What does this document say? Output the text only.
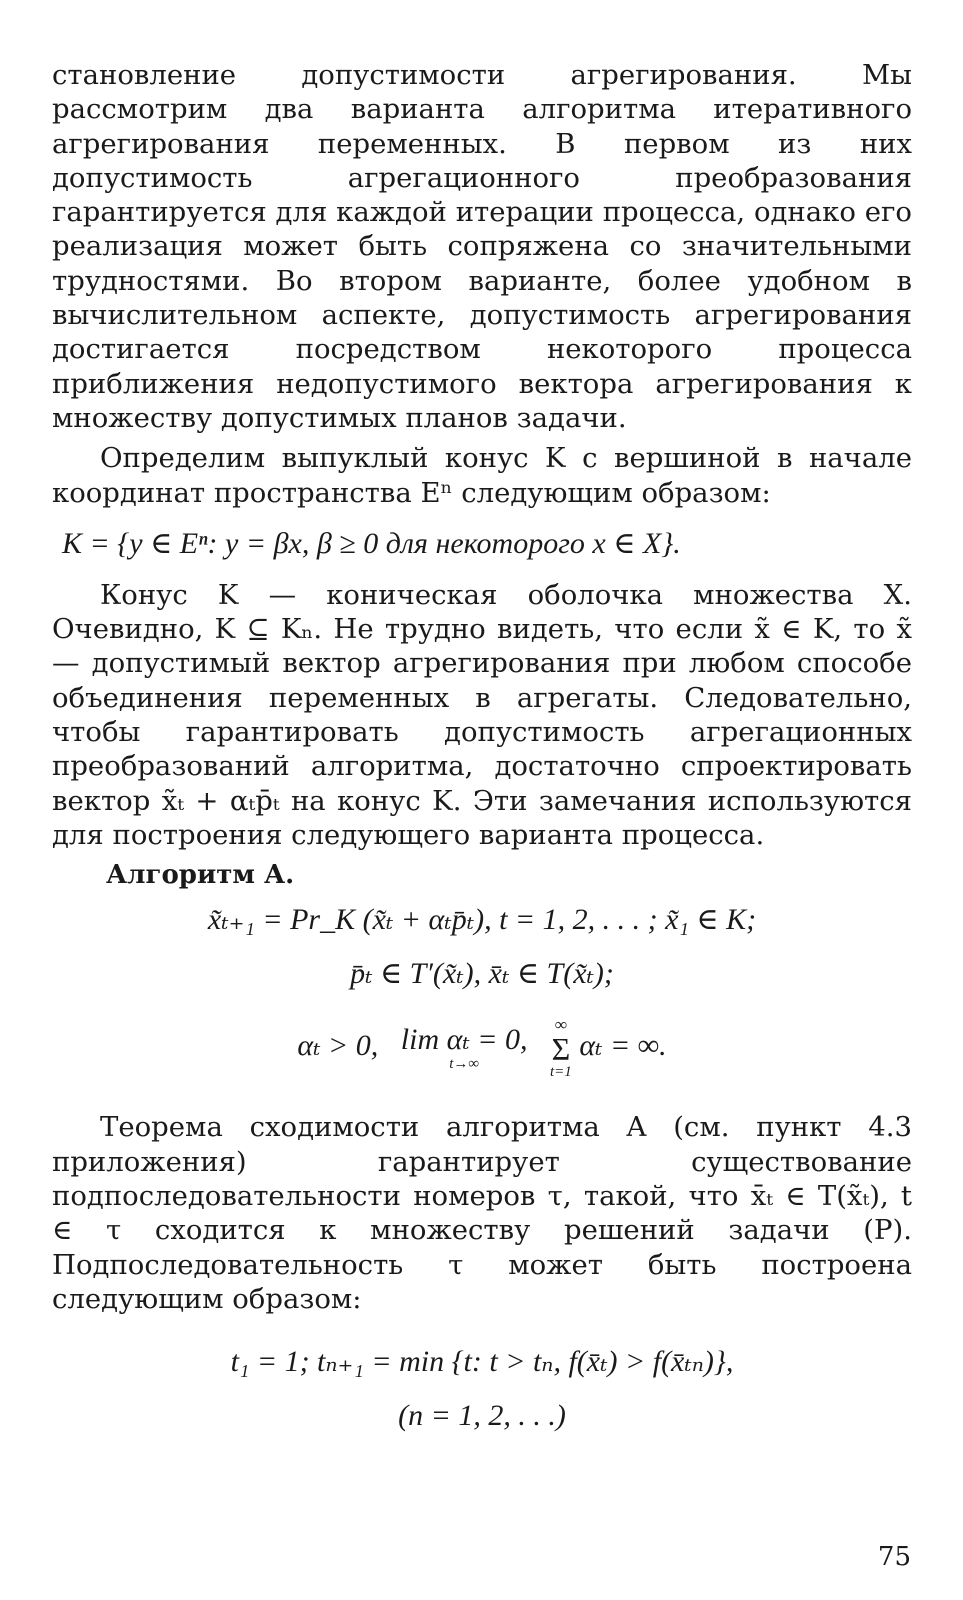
становление допустимости агрегирования. Мы рассмотрим два варианта алгоритма итеративного агрегирования переменных. В первом из них допустимость агрегационного преобразования гарантируется для каждой итерации процесса, однако его реализация может быть сопряжена со значительными трудностями. Во втором варианте, более удобном в вычислительном аспекте, допустимость агрегирования достигается посредством некоторого процесса приближения недопустимого вектора агрегирования к множеству допустимых планов задачи.

Определим выпуклый конус K с вершиной в начале координат пространства Eⁿ следующим образом:

K = {y ∈ Eⁿ: y = βx, β ≥ 0 для некоторого x ∈ X}.

Конус K — коническая оболочка множества X. Очевидно, K ⊆ Kₙ. Не трудно видеть, что если x̃ ∈ K, то x̃ — допустимый вектор агрегирования при любом способе объединения переменных в агрегаты. Следовательно, чтобы гарантировать допустимость агрегационных преобразований алгоритма, достаточно спроектировать вектор x̃ₜ + αₜp̄ₜ на конус K. Эти замечания используются для построения следующего варианта процесса.

Алгоритм А.

x̃ₜ₊₁ = Pr_K (x̃ₜ + αₜp̄ₜ), t = 1, 2, . . . ; x̃₁ ∈ K;

p̄ₜ ∈ T′(x̃ₜ), x̄ₜ ∈ T(x̃ₜ);

αₜ > 0, lim αₜ = 0,
t→∞

∞
Σ
t=1
αₜ = ∞.

Теорема сходимости алгоритма A (см. пункт 4.3 приложения) гарантирует существование подпоследовательности номеров τ, такой, что x̄ₜ ∈ T(x̃ₜ), t ∈ τ сходится к множеству решений задачи (P). Подпоследовательность τ может быть построена следующим образом:

t₁ = 1; tₙ₊₁ = min {t: t > tₙ, f(x̄ₜ) > f(x̄ₜₙ)},

(n = 1, 2, . . .)

75
